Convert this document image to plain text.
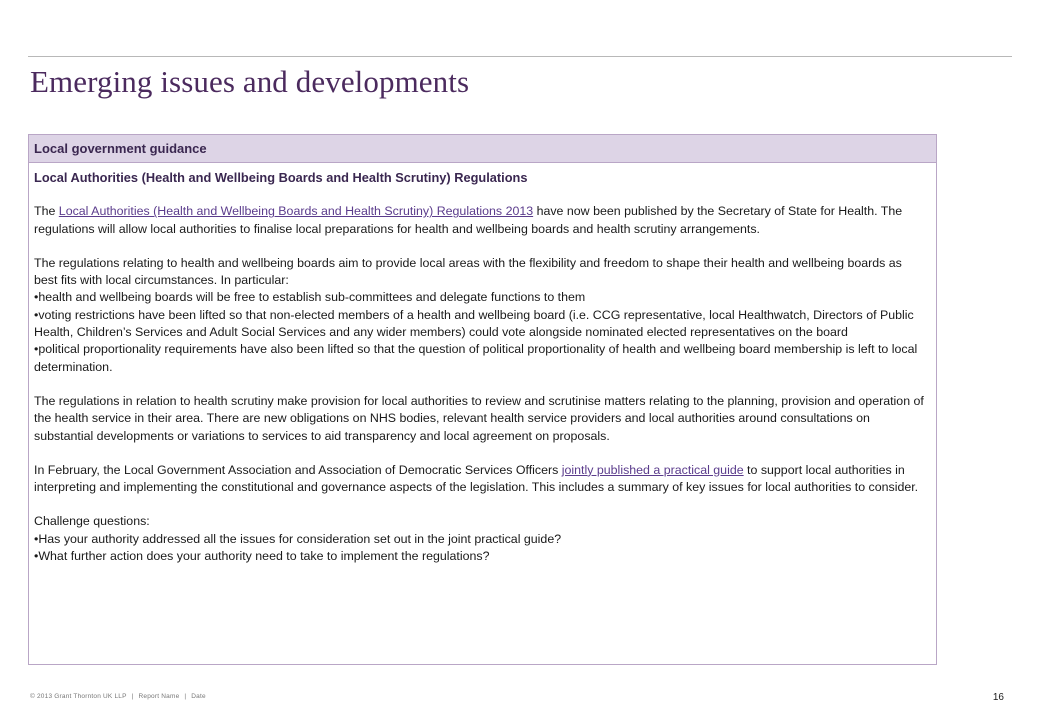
Emerging issues and developments
Local government guidance

Local Authorities (Health and Wellbeing Boards and Health Scrutiny) Regulations

The Local Authorities (Health and Wellbeing Boards and Health Scrutiny) Regulations 2013 have now been published by the Secretary of State for Health. The regulations will allow local authorities to finalise local preparations for health and wellbeing boards and health scrutiny arrangements.

The regulations relating to health and wellbeing boards aim to provide local areas with the flexibility and freedom to shape their health and wellbeing boards as best fits with local circumstances. In particular:

•health and wellbeing boards will be free to establish sub-committees and delegate functions to them

•voting restrictions have been lifted so that non-elected members of a health and wellbeing board (i.e. CCG representative, local Healthwatch, Directors of Public Health, Children’s Services and Adult Social Services and any wider members) could vote alongside nominated elected representatives on the board

•political proportionality requirements have also been lifted so that the question of political proportionality of health and wellbeing board membership is left to local determination.

The regulations in relation to health scrutiny make provision for local authorities to review and scrutinise matters relating to the planning, provision and operation of the health service in their area. There are new obligations on NHS bodies, relevant health service providers and local authorities around consultations on substantial developments or variations to services to aid transparency and local agreement on proposals.

In February, the Local Government Association and Association of Democratic Services Officers jointly published a practical guide to support local authorities in interpreting and implementing the constitutional and governance aspects of the legislation. This includes a summary of key issues for local authorities to consider.

Challenge questions:

•Has your authority addressed all the issues for consideration set out in the joint practical guide?

•What further action does your authority need to take to implement the regulations?

© 2013 Grant Thornton UK LLP | Report Name | Date	16
